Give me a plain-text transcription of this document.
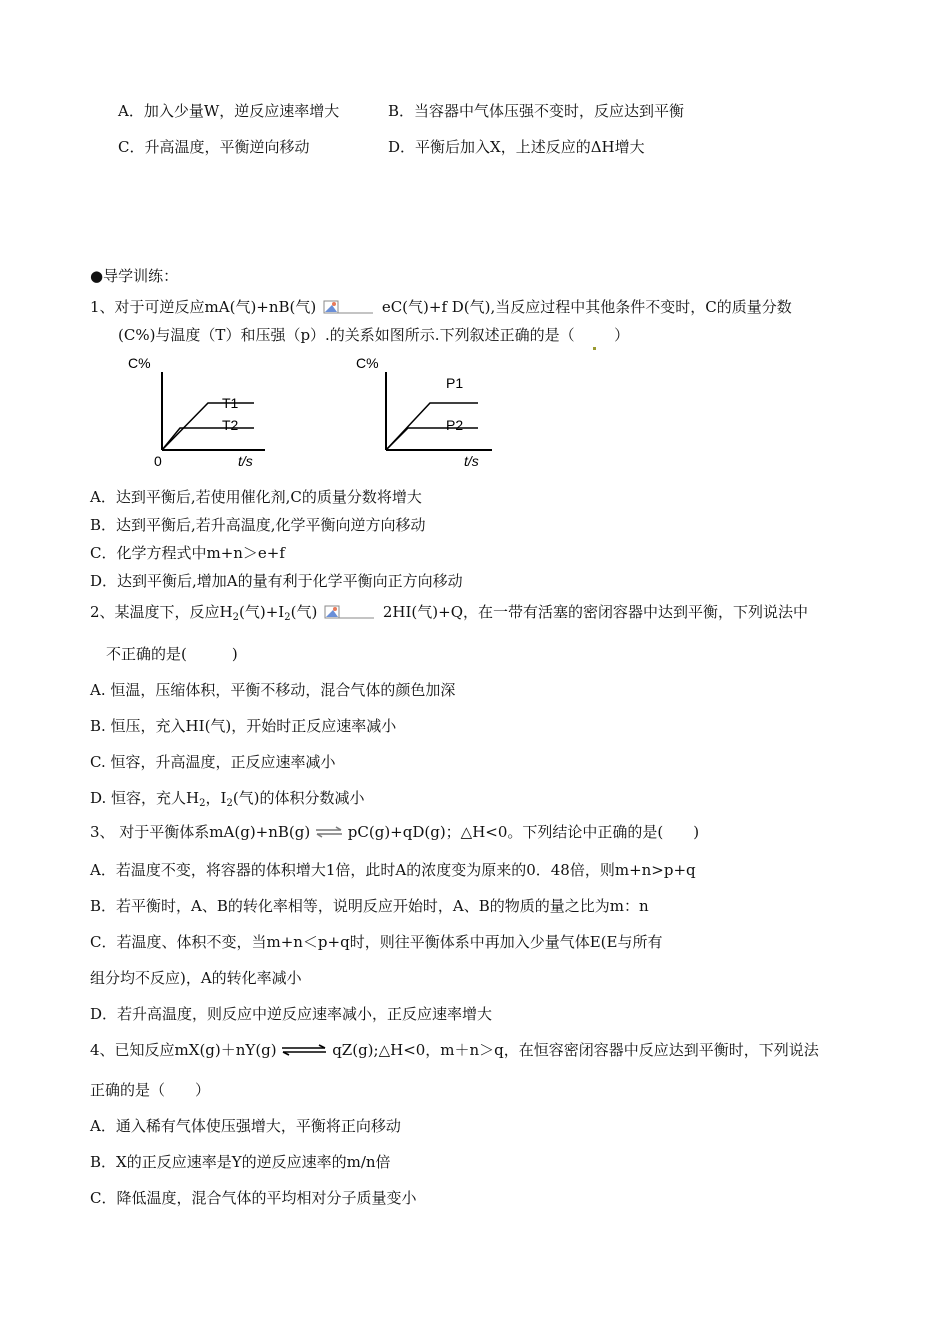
A．加入少量W，逆反应速率增大	B．当容器中气体压强不变时，反应达到平衡
C．升高温度，平衡逆向移动	D．平衡后加入X，上述反应的ΔH增大
●导学训练：
1、对于可逆反应mA(气)+nB(气)	eC(气)+f D(气),当反应过程中其他条件不变时，C的质量分数
(C%)与温度（T）和压强（p）.的关系如图所示.下列叙述正确的是（	）
C%
T1
T2
0	t/s
C%
P1
P2
t/s
A．达到平衡后,若使用催化剂,C的质量分数将增大
B．达到平衡后,若升高温度,化学平衡向逆方向移动
C．化学方程式中m+n＞e+f
D．达到平衡后,增加A的量有利于化学平衡向正方向移动
2、某温度下，反应$H_2$(气)$+I_2$(气)	2HI(气)+Q，在一带有活塞的密闭容器中达到平衡，下列说法中
不正确的是(　　　)
A. 恒温，压缩体积，平衡不移动，混合气体的颜色加深
B. 恒压，充入HI(气)，开始时正反应速率减小
C. 恒容，升高温度，正反应速率减小
D. 恒容，充人$H_2$，$I_2$(气)的体积分数减小
3、 对于平衡体系mA(g)+nB(g) ⇌ pC(g)+qD(g)；△H<0。下列结论中正确的是(　　)
A．若温度不变，将容器的体积增大1倍，此时A的浓度变为原来的0．48倍，则m+n>p+q
B．若平衡时，A、B的转化率相等，说明反应开始时，A、B的物质的量之比为m：n
C．若温度、体积不变，当m+n＜p+q时，则往平衡体系中再加入少量气体E(E与所有
组分均不反应)，A的转化率减小
D．若升高温度，则反应中逆反应速率减小，正反应速率增大
4、已知反应mX(g)＋nY(g) ⇌ qZ(g);△H<0，m＋n＞q，在恒容密闭容器中反应达到平衡时，下列说法
正确的是（　　）
A．通入稀有气体使压强增大，平衡将正向移动
B．X的正反应速率是Y的逆反应速率的m/n倍
C．降低温度，混合气体的平均相对分子质量变小
